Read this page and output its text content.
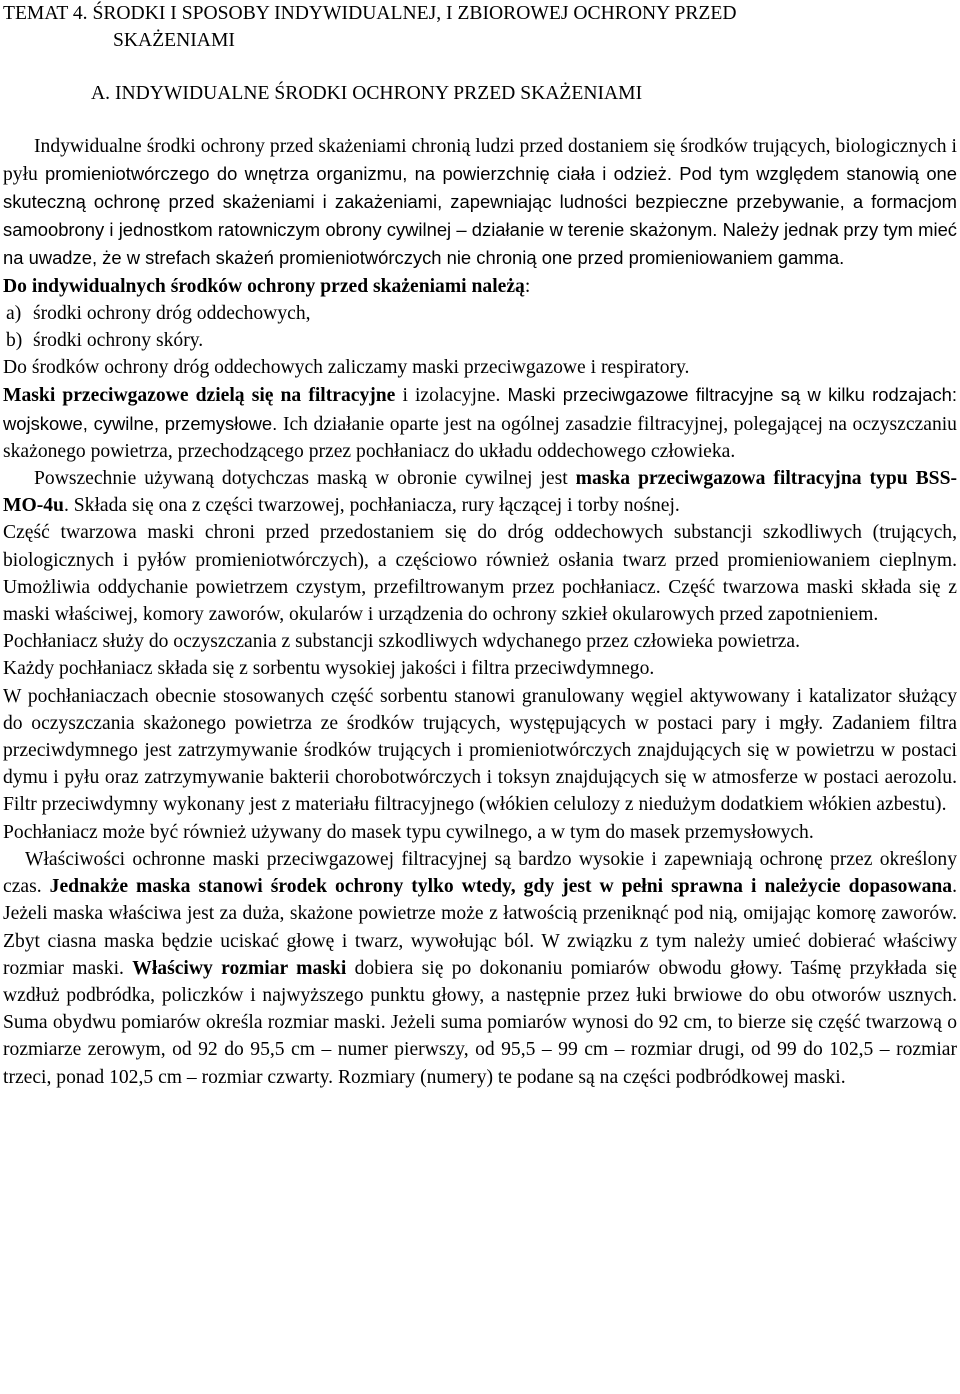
TEMAT 4. ŚRODKI I SPOSOBY INDYWIDUALNEJ, I ZBIOROWEJ OCHRONY PRZED
SKAŻENIAMI
A. INDYWIDUALNE ŚRODKI OCHRONY PRZED SKAŻENIAMI

Indywidualne środki ochrony przed skażeniami chronią ludzi przed dostaniem się środków trujących, biologicznych i pyłu promieniotwórczego do wnętrza organizmu, na powierzchnię ciała i odzież. Pod tym względem stanowią one skuteczną ochronę przed skażeniami i zakażeniami, zapewniając ludności bezpieczne przebywanie, a formacjom samoobrony i jednostkom ratowniczym obrony cywilnej – działanie w terenie skażonym. Należy jednak przy tym mieć na uwadze, że w strefach skażeń promieniotwórczych nie chronią one przed promieniowaniem gamma.

Do indywidualnych środków ochrony przed skażeniami należą:

a) środki ochrony dróg oddechowych,
b) środki ochrony skóry.

Do środków ochrony dróg oddechowych zaliczamy maski przeciwgazowe i respiratory.

Maski przeciwgazowe dzielą się na filtracyjne i izolacyjne. Maski przeciwgazowe filtracyjne są w kilku rodzajach: wojskowe, cywilne, przemysłowe. Ich działanie oparte jest na ogólnej zasadzie filtracyjnej, polegającej na oczyszczaniu skażonego powietrza, przechodzącego przez pochłaniacz do układu oddechowego człowieka.

Powszechnie używaną dotychczas maską w obronie cywilnej jest maska przeciwgazowa filtracyjna typu BSS-MO-4u. Składa się ona z części twarzowej, pochłaniacza, rury łączącej i torby nośnej.

Część twarzowa maski chroni przed przedostaniem się do dróg oddechowych substancji szkodliwych (trujących, biologicznych i pyłów promieniotwórczych), a częściowo również osłania twarz przed promieniowaniem cieplnym. Umożliwia oddychanie powietrzem czystym, przefiltrowanym przez pochłaniacz. Część twarzowa maski składa się z maski właściwej, komory zaworów, okularów i urządzenia do ochrony szkieł okularowych przed zapotnieniem.

Pochłaniacz służy do oczyszczania z substancji szkodliwych wdychanego przez człowieka powietrza.

Każdy pochłaniacz składa się z sorbentu wysokiej jakości i filtra przeciwdymnego.

W pochłaniaczach obecnie stosowanych część sorbentu stanowi granulowany węgiel aktywowany i katalizator służący do oczyszczania skażonego powietrza ze środków trujących, występujących w postaci pary i mgły. Zadaniem filtra przeciwdymnego jest zatrzymywanie środków trujących i promieniotwórczych znajdujących się w powietrzu w postaci dymu i pyłu oraz zatrzymywanie bakterii chorobotwórczych i toksyn znajdujących się w atmosferze w postaci aerozolu. Filtr przeciwdymny wykonany jest z materiału filtracyjnego (włókien celulozy z niedużym dodatkiem włókien azbestu).

Pochłaniacz może być również używany do masek typu cywilnego, a w tym do masek przemysłowych.

Właściwości ochronne maski przeciwgazowej filtracyjnej są bardzo wysokie i zapewniają ochronę przez określony czas. Jednakże maska stanowi środek ochrony tylko wtedy, gdy jest w pełni sprawna i należycie dopasowana. Jeżeli maska właściwa jest za duża, skażone powietrze może z łatwością przeniknąć pod nią, omijając komorę zaworów. Zbyt ciasna maska będzie uciskać głowę i twarz, wywołując ból. W związku z tym należy umieć dobierać właściwy rozmiar maski. Właściwy rozmiar maski dobiera się po dokonaniu pomiarów obwodu głowy. Taśmę przykłada się wzdłuż podbródka, policzków i najwyższego punktu głowy, a następnie przez łuki brwiowe do obu otworów usznych. Suma obydwu pomiarów określa rozmiar maski. Jeżeli suma pomiarów wynosi do 92 cm, to bierze się część twarzową o rozmiarze zerowym, od 92 do 95,5 cm – numer pierwszy, od 95,5 – 99 cm – rozmiar drugi, od 99 do 102,5 – rozmiar trzeci, ponad 102,5 cm – rozmiar czwarty. Rozmiary (numery) te podane są na części podbródkowej maski.
